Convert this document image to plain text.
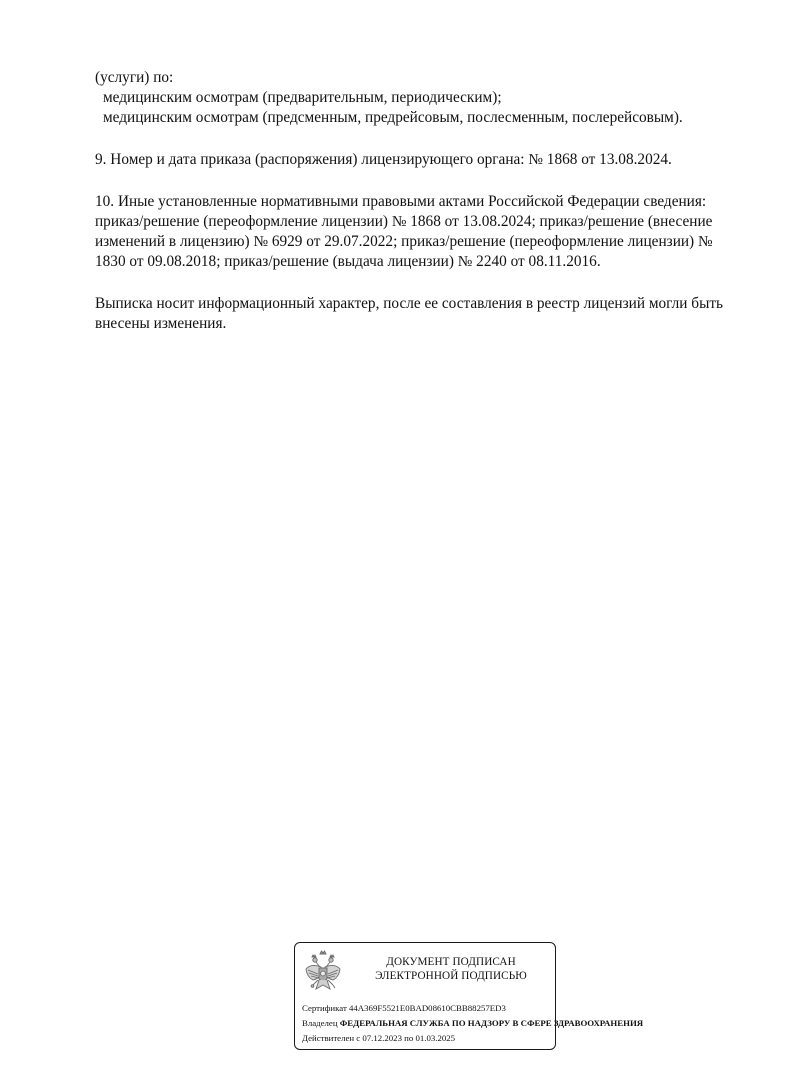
(услуги) по:
медицинским осмотрам (предварительным, периодическим);
медицинским осмотрам (предсменным, предрейсовым, послесменным, послерейсовым).
9. Номер и дата приказа (распоряжения) лицензирующего органа: № 1868 от 13.08.2024.
10. Иные установленные нормативными правовыми актами Российской Федерации сведения:
приказ/решение (переоформление лицензии) № 1868 от 13.08.2024; приказ/решение (внесение
изменений в лицензию) № 6929 от 29.07.2022; приказ/решение (переоформление лицензии) №
1830 от 09.08.2018; приказ/решение (выдача лицензии) № 2240 от 08.11.2016.
Выписка носит информационный характер, после ее составления в реестр лицензий могли быть
внесены изменения.
ДОКУМЕНТ ПОДПИСАН
ЭЛЕКТРОННОЙ ПОДПИСЬЮ
Сертификат 44A369F5521E0BAD08610CBB88257ED3
Владелец ФЕДЕРАЛЬНАЯ СЛУЖБА ПО НАДЗОРУ В СФЕРЕ ЗДРАВООХРАНЕНИЯ
Действителен с 07.12.2023 по 01.03.2025
